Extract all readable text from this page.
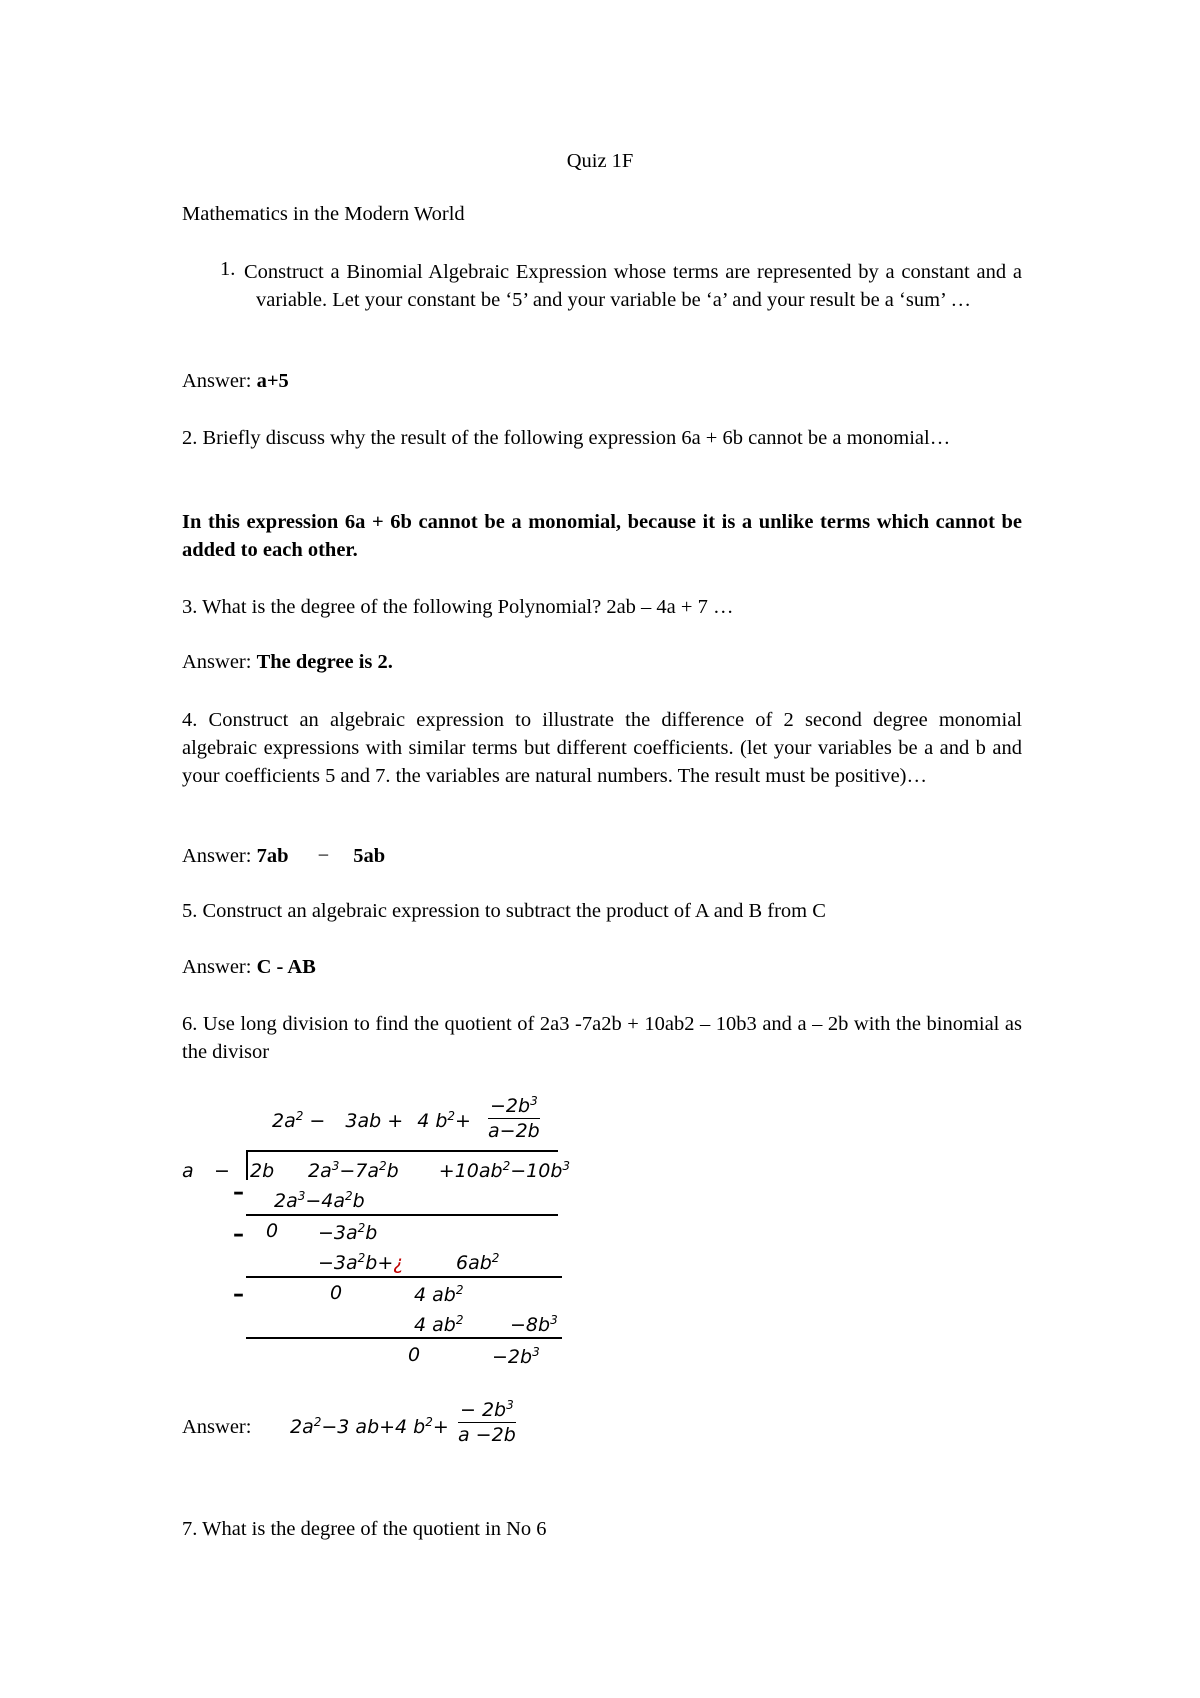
Quiz 1F
Mathematics in the Modern World
1. Construct a Binomial Algebraic Expression whose terms are represented by a constant and a variable. Let your constant be ‘5’ and your variable be ‘a’ and your result be a ‘sum’ …
Answer: a+5
2. Briefly discuss why the result of the following expression 6a + 6b cannot be a monomial…
In this expression 6a + 6b cannot be a monomial, because it is a unlike terms which cannot be added to each other.
3. What is the degree of the following Polynomial? 2ab – 4a + 7 …
Answer: The degree is 2.
4. Construct an algebraic expression to illustrate the difference of 2 second degree monomial algebraic expressions with similar terms but different coefficients. (let your variables be a and b and your coefficients 5 and 7. the variables are natural numbers. The result must be positive)…
Answer: 7ab − 5ab
5. Construct an algebraic expression to subtract the product of A and B from C
Answer: C - AB
6. Use long division to find the quotient of 2a3 -7a2b + 10ab2 – 10b3 and a – 2b with the binomial as the divisor
$2a^2 - 3ab + 4$ $b^2+ \frac{-2b^3}{a-2b}$
a − 2b $2a^3-7a^2b +10ab^2-10b^3$
– $2a^3-4a^2b$
– $0 -3a^2b$
$-3a^2b+¿$	$6ab^2$
–	0	4 $ab^2$
4 $ab^2 -8b^3$
0	$-2b^3$
Answer: $2a^2-3$ ab+4 $b^2+ \frac{- 2b^3}{a -2b}$
7. What is the degree of the quotient in No 6
